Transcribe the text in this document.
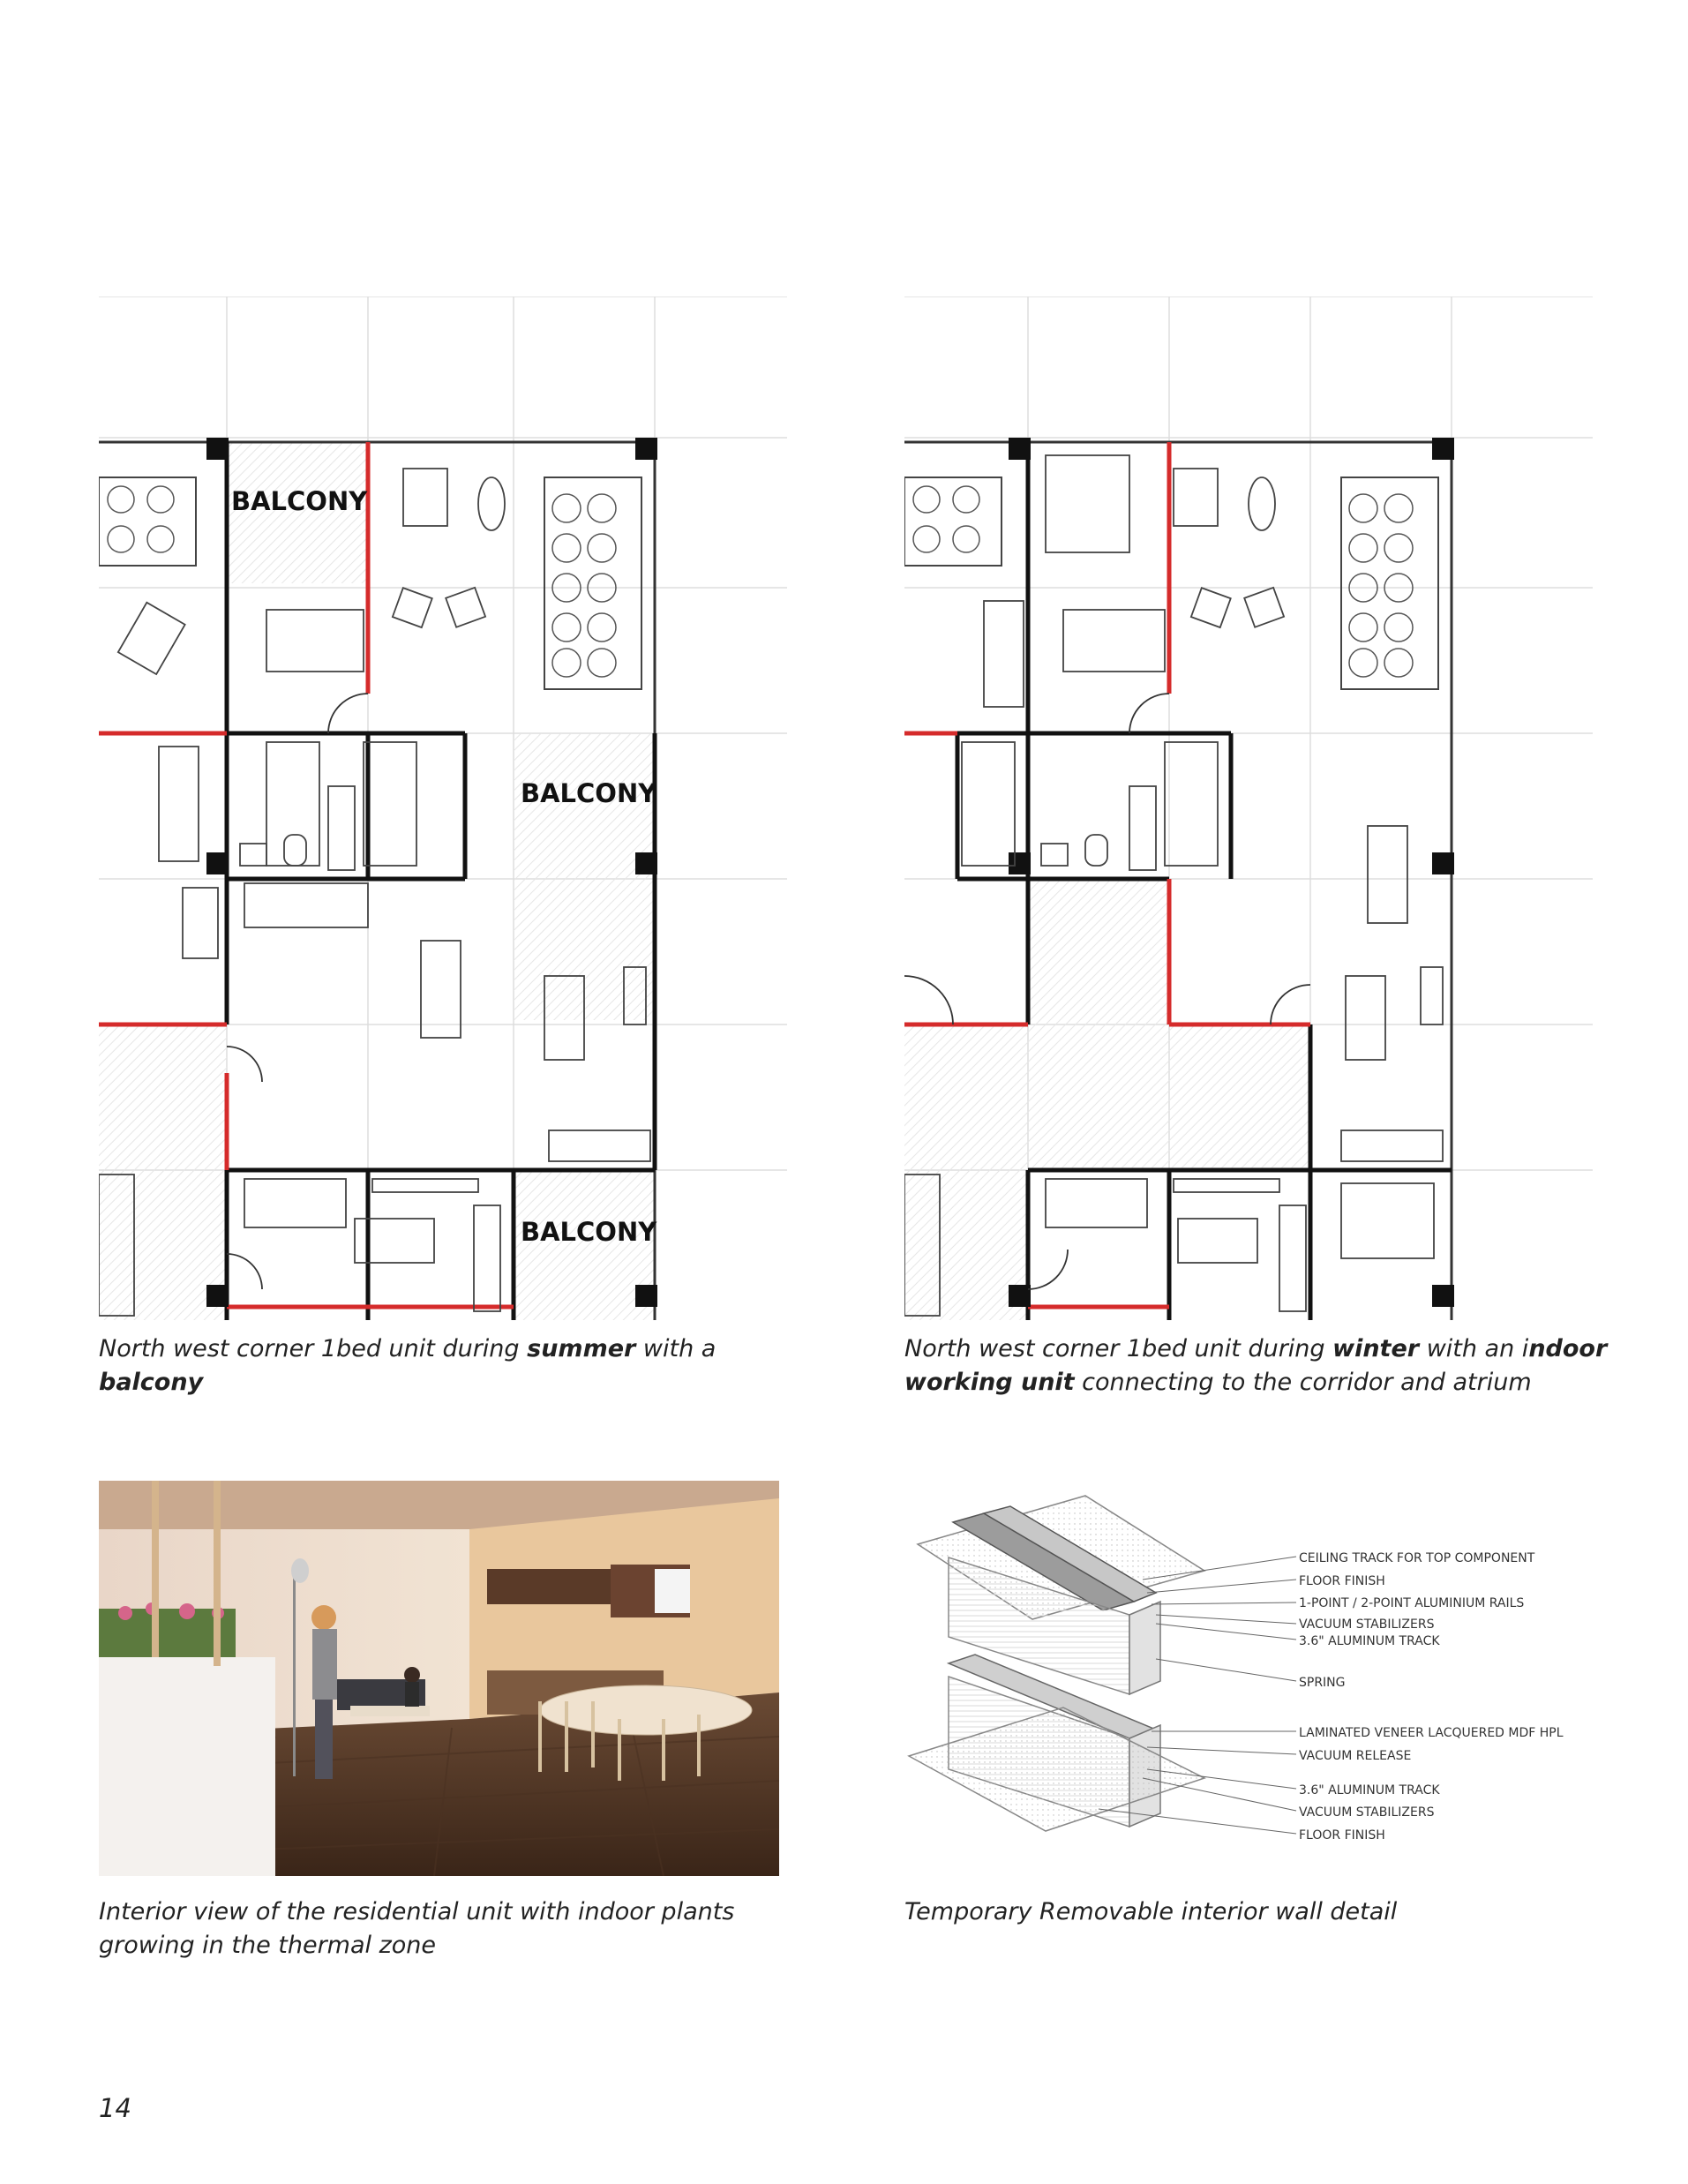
BALCONY
BALCONY
BALCONY
North west corner 1bed unit during summer with a balcony
North west corner 1bed unit during winter with an indoor
working unit connecting to the corridor and atrium
Interior view of the residential unit with indoor plants
growing in the thermal zone
CEILING TRACK FOR TOP COMPONENT
FLOOR FINISH
1-POINT / 2-POINT ALUMINIUM RAILS
VACUUM STABILIZERS
3.6" ALUMINUM TRACK
SPRING
LAMINATED VENEER LACQUERED MDF HPL
VACUUM RELEASE
3.6" ALUMINUM TRACK
VACUUM STABILIZERS
FLOOR FINISH
Temporary Removable interior wall detail
14
